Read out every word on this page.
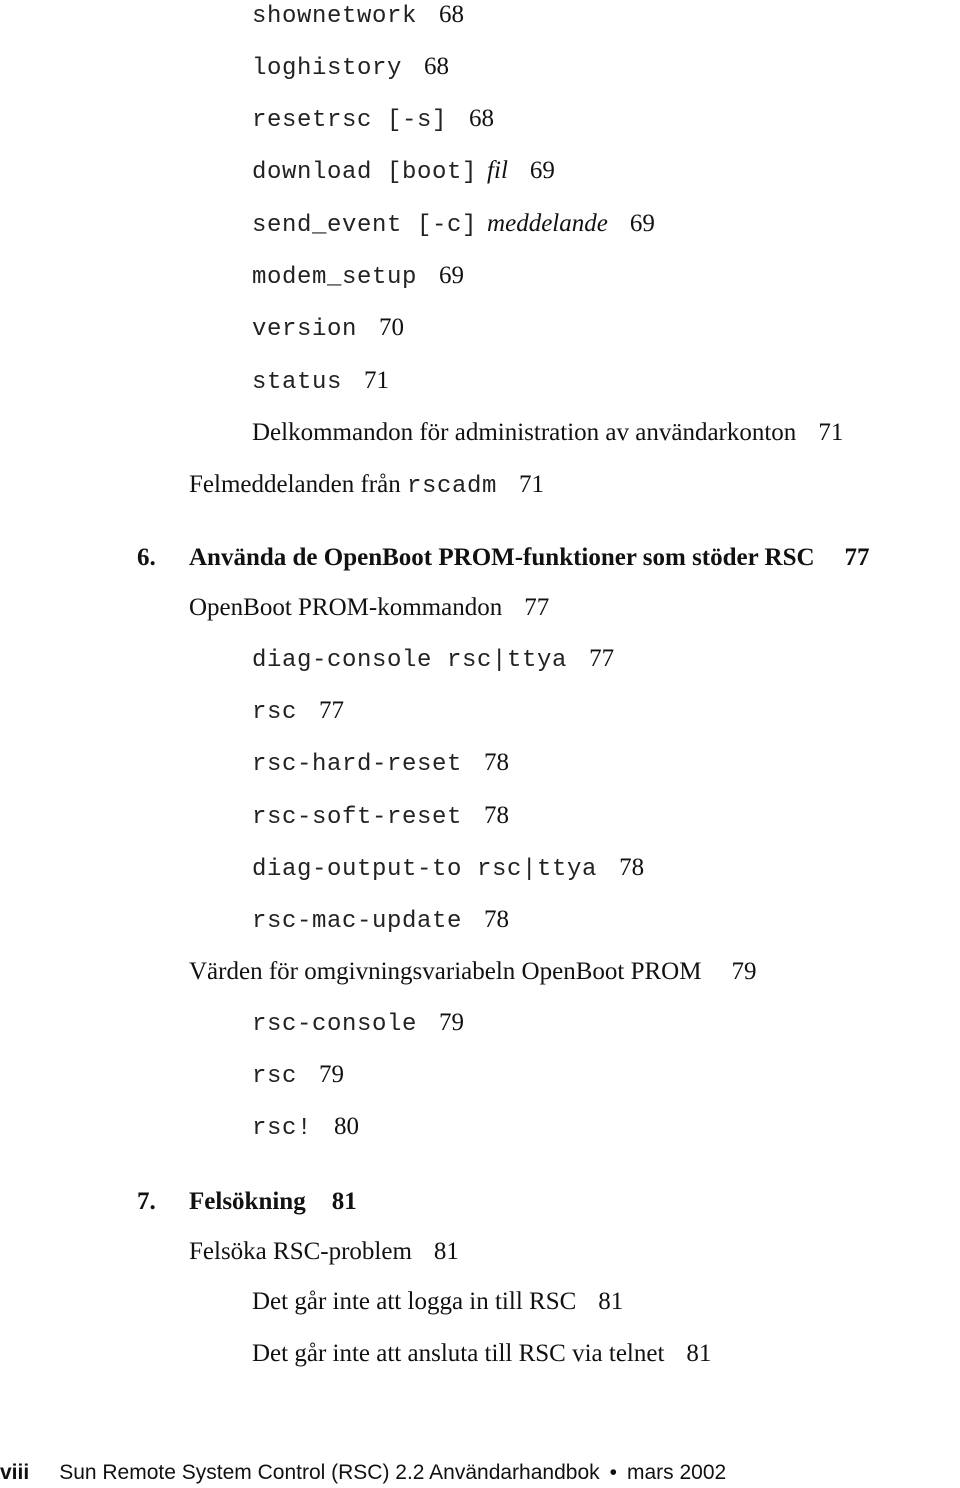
shownetwork 68
loghistory 68
resetrsc [-s] 68
download [boot] fil 69
send_event [-c] meddelande 69
modem_setup 69
version 70
status 71
Delkommandon för administration av användarkonton 71
Felmeddelanden från rscadm 71
6. Använda de OpenBoot PROM-funktioner som stöder RSC 77
OpenBoot PROM-kommandon 77
diag-console rsc|ttya 77
rsc 77
rsc-hard-reset 78
rsc-soft-reset 78
diag-output-to rsc|ttya 78
rsc-mac-update 78
Värden för omgivningsvariabeln OpenBoot PROM 79
rsc-console 79
rsc 79
rsc! 80
7. Felsökning 81
Felsöka RSC-problem 81
Det går inte att logga in till RSC 81
Det går inte att ansluta till RSC via telnet 81
viii Sun Remote System Control (RSC) 2.2 Användarhandbok • mars 2002
